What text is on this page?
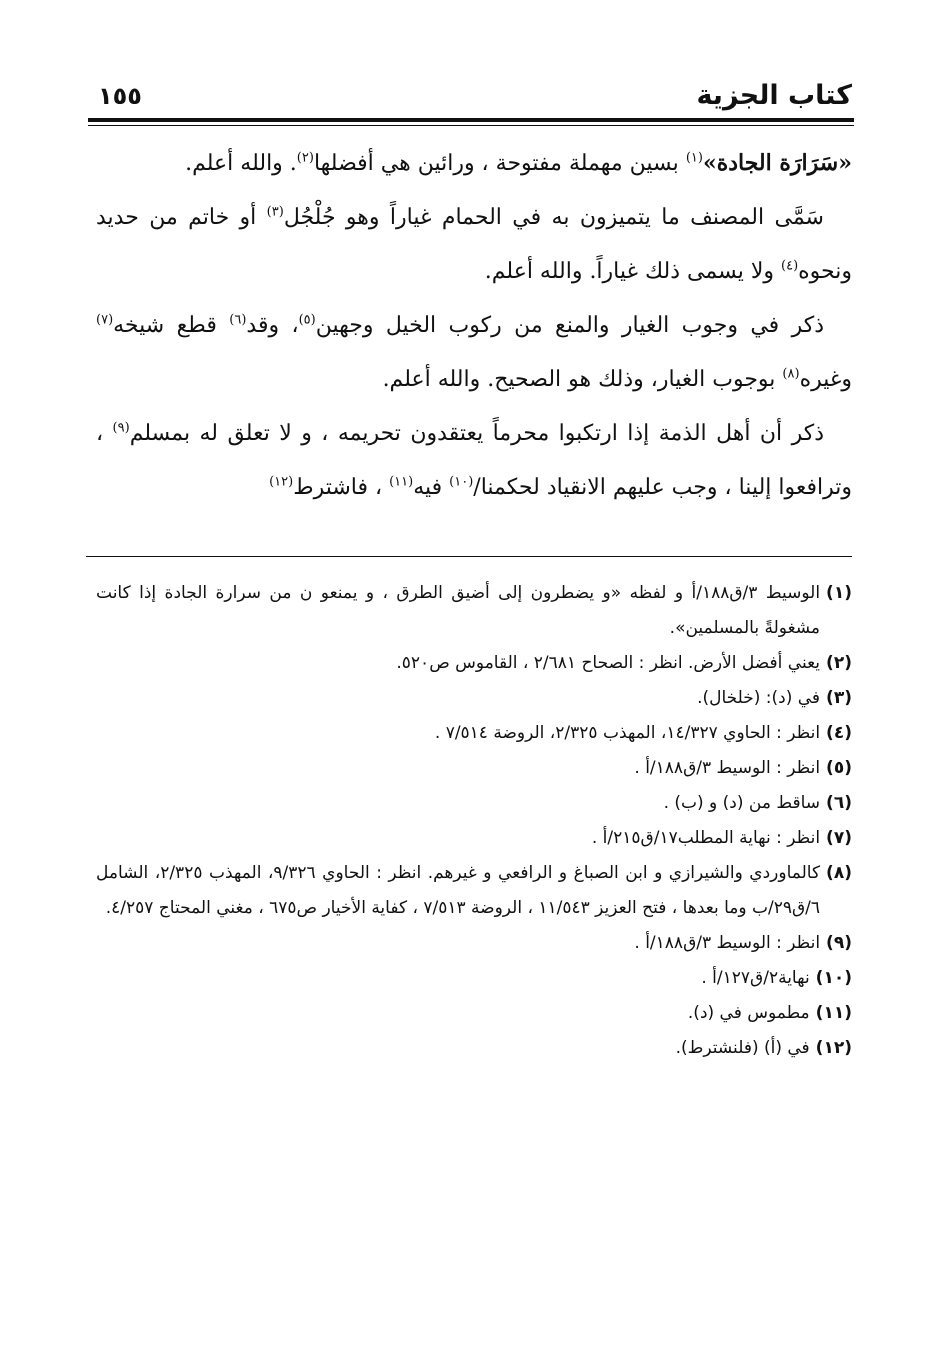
كتاب الجزية
١٥٥

«سَرَارَة الجادة»$^{(١)}$ بسين مهملة مفتوحة ، ورائين هي أفضلها$^{(٢)}$. والله أعلم.

سَمَّى المصنف ما يتميزون به في الحمام غياراً وهو جُلْجُل$^{(٣)}$ أو خاتم من حديد ونحوه$^{(٤)}$ ولا يسمى ذلك غياراً. والله أعلم.

ذكر في وجوب الغيار والمنع من ركوب الخيل وجهين$^{(٥)}$، وقد$^{(٦)}$ قطع شيخه$^{(٧)}$ وغيره$^{(٨)}$ بوجوب الغيار، وذلك هو الصحيح. والله أعلم.

ذكر أن أهل الذمة إذا ارتكبوا محرماً يعتقدون تحريمه ، و لا تعلق له بمسلم$^{(٩)}$ ، وترافعوا إلينا ، وجب عليهم الانقياد لحكمنا/$^{(١٠)}$ فيه$^{(١١)}$ ، فاشترط$^{(١٢)}$

(١)
الوسيط ٣/ق١٨٨/أ و لفظه «و يضطرون إلى أضيق الطرق ، و يمنعو ن من سرارة الجادة إذا كانت مشغولةً بالمسلمين».
(٢)
يعني أفضل الأرض. انظر : الصحاح ٢/٦٨١ ، القاموس ص٥٢٠.
(٣)
في (د): (خلخال).
(٤)
انظر : الحاوي ١٤/٣٢٧، المهذب ٢/٣٢٥، الروضة ٧/٥١٤ .
(٥)
انظر : الوسيط ٣/ق١٨٨/أ .
(٦)
ساقط من (د) و (ب) .
(٧)
انظر : نهاية المطلب١٧/ق٢١٥/أ .
(٨)
كالماوردي والشيرازي و ابن الصباغ و الرافعي و غيرهم. انظر : الحاوي ٩/٣٢٦، المهذب ٢/٣٢٥، الشامل ٦/ق٢٩/ب وما بعدها ، فتح العزيز ١١/٥٤٣ ، الروضة ٧/٥١٣ ، كفاية الأخيار ص٦٧٥ ، مغني المحتاج ٤/٢٥٧.
(٩)
انظر : الوسيط ٣/ق١٨٨/أ .
(١٠)
نهاية٢/ق١٢٧/أ .
(١١)
مطموس في (د).
(١٢)
في (أ) (فلنشترط).
